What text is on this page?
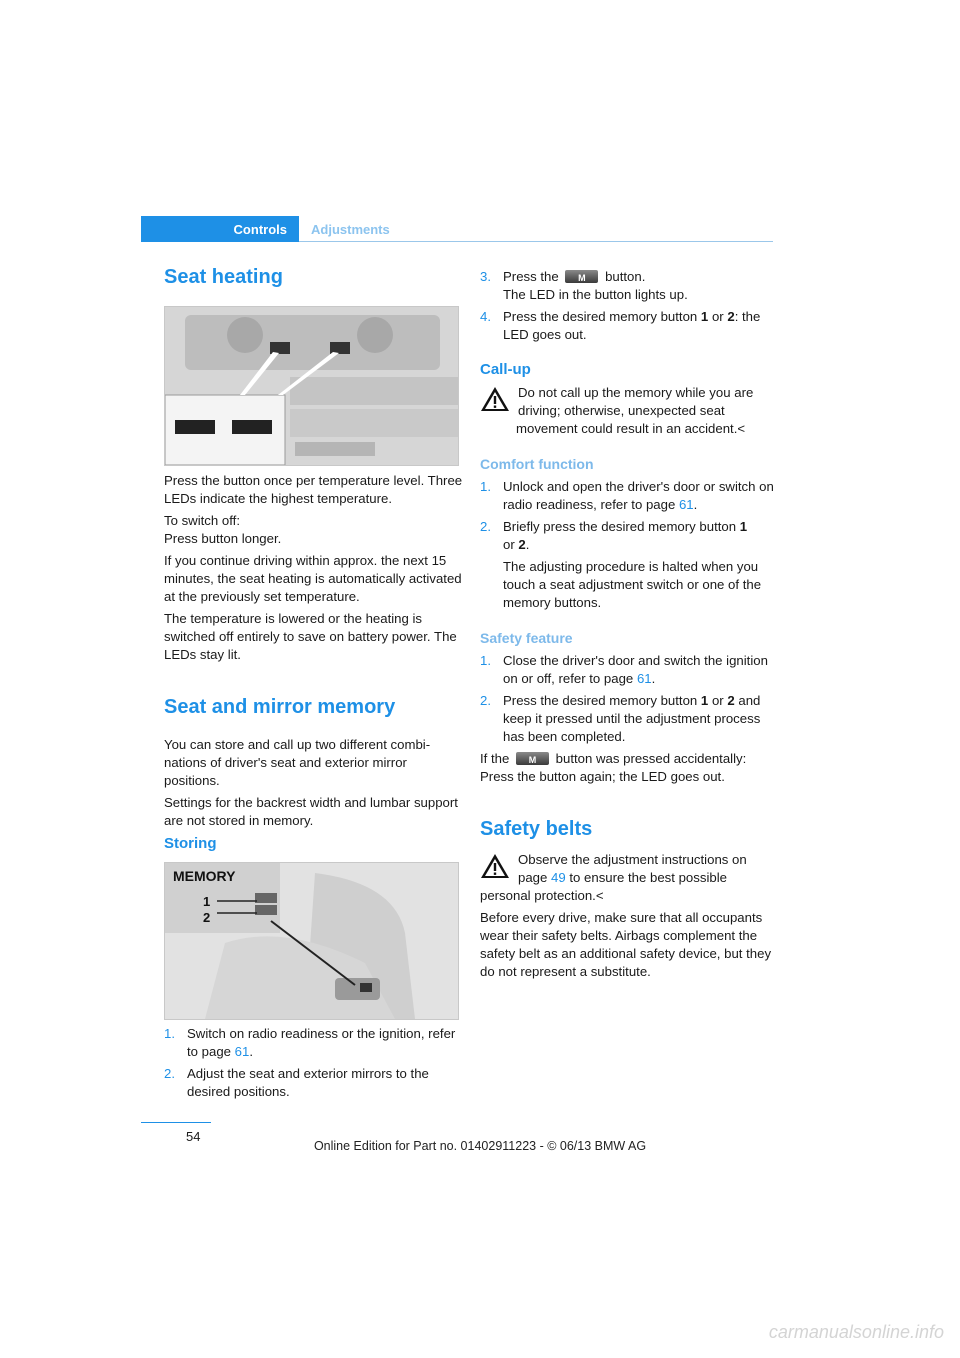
Controls	Adjustments
Seat heating

Press the button once per temperature level. Three LEDs indicate the highest temperature.

To switch off:

Press button longer.

If you continue driving within approx. the next 15 minutes, the seat heating is automatically activated at the previously set temperature.

The temperature is lowered or the heating is switched off entirely to save on battery power. The LEDs stay lit.

Seat and mirror memory

You can store and call up two different combi- nations of driver's seat and exterior mirror positions.

Settings for the backrest width and lumbar support are not stored in memory.

Storing
MEMORY
1
2
1. Switch on radio readiness or the ignition, refer to page 61.
2. Adjust the seat and exterior mirrors to the desired positions.
3. Press the	M	button.
The LED in the button lights up.
4. Press the desired memory button 1 or 2: the LED goes out.
Call-up
Do not call up the memory while you are driving; otherwise, unexpected seat movement could result in an accident.<
Comfort function
1. Unlock and open the driver's door or switch on radio readiness, refer to page 61.
2. Briefly press the desired memory button 1
or 2.
The adjusting procedure is halted when you touch a seat adjustment switch or one of the memory buttons.
Safety feature
1. Close the driver's door and switch the ignition on or off, refer to page 61.
2. Press the desired memory button 1 or 2 and keep it pressed until the adjustment process has been completed.

If the	M	button was pressed accidentally: Press the button again; the LED goes out.

Safety belts
Observe the adjustment instructions on page 49 to ensure the best possible personal protection.<

Before every drive, make sure that all occupants wear their safety belts. Airbags complement the safety belt as an additional safety device, but they do not represent a substitute.

54
Online Edition for Part no. 01402911223 - © 06/13 BMW AG
carmanualsonline.info
